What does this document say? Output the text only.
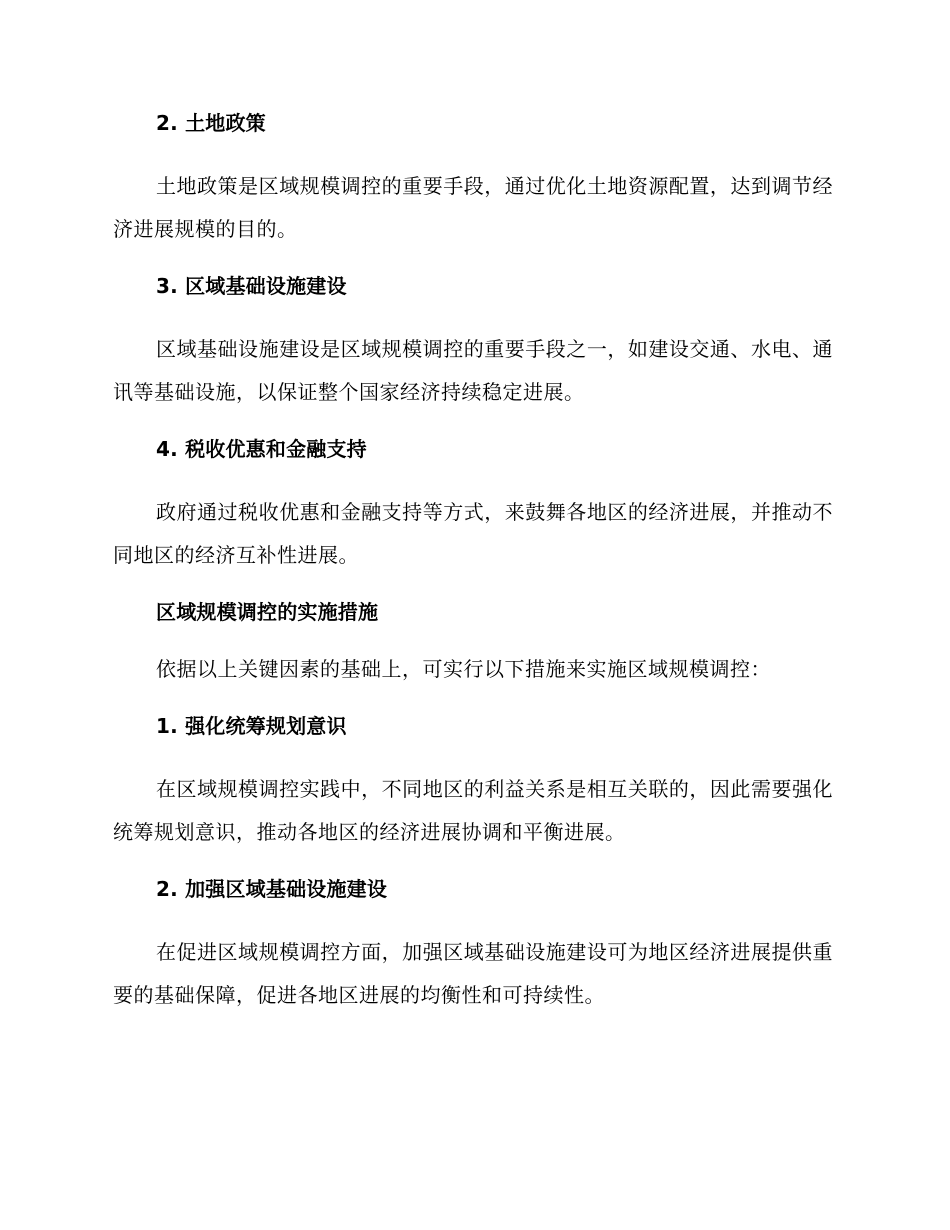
2. 土地政策

土地政策是区域规模调控的重要手段，通过优化土地资源配置，达到调节经济进展规模的目的。

3. 区域基础设施建设

区域基础设施建设是区域规模调控的重要手段之一，如建设交通、水电、通讯等基础设施，以保证整个国家经济持续稳定进展。

4. 税收优惠和金融支持

政府通过税收优惠和金融支持等方式，来鼓舞各地区的经济进展，并推动不同地区的经济互补性进展。

区域规模调控的实施措施

依据以上关键因素的基础上，可实行以下措施来实施区域规模调控：

1. 强化统筹规划意识

在区域规模调控实践中，不同地区的利益关系是相互关联的，因此需要强化统筹规划意识，推动各地区的经济进展协调和平衡进展。

2. 加强区域基础设施建设

在促进区域规模调控方面，加强区域基础设施建设可为地区经济进展提供重要的基础保障，促进各地区进展的均衡性和可持续性。
